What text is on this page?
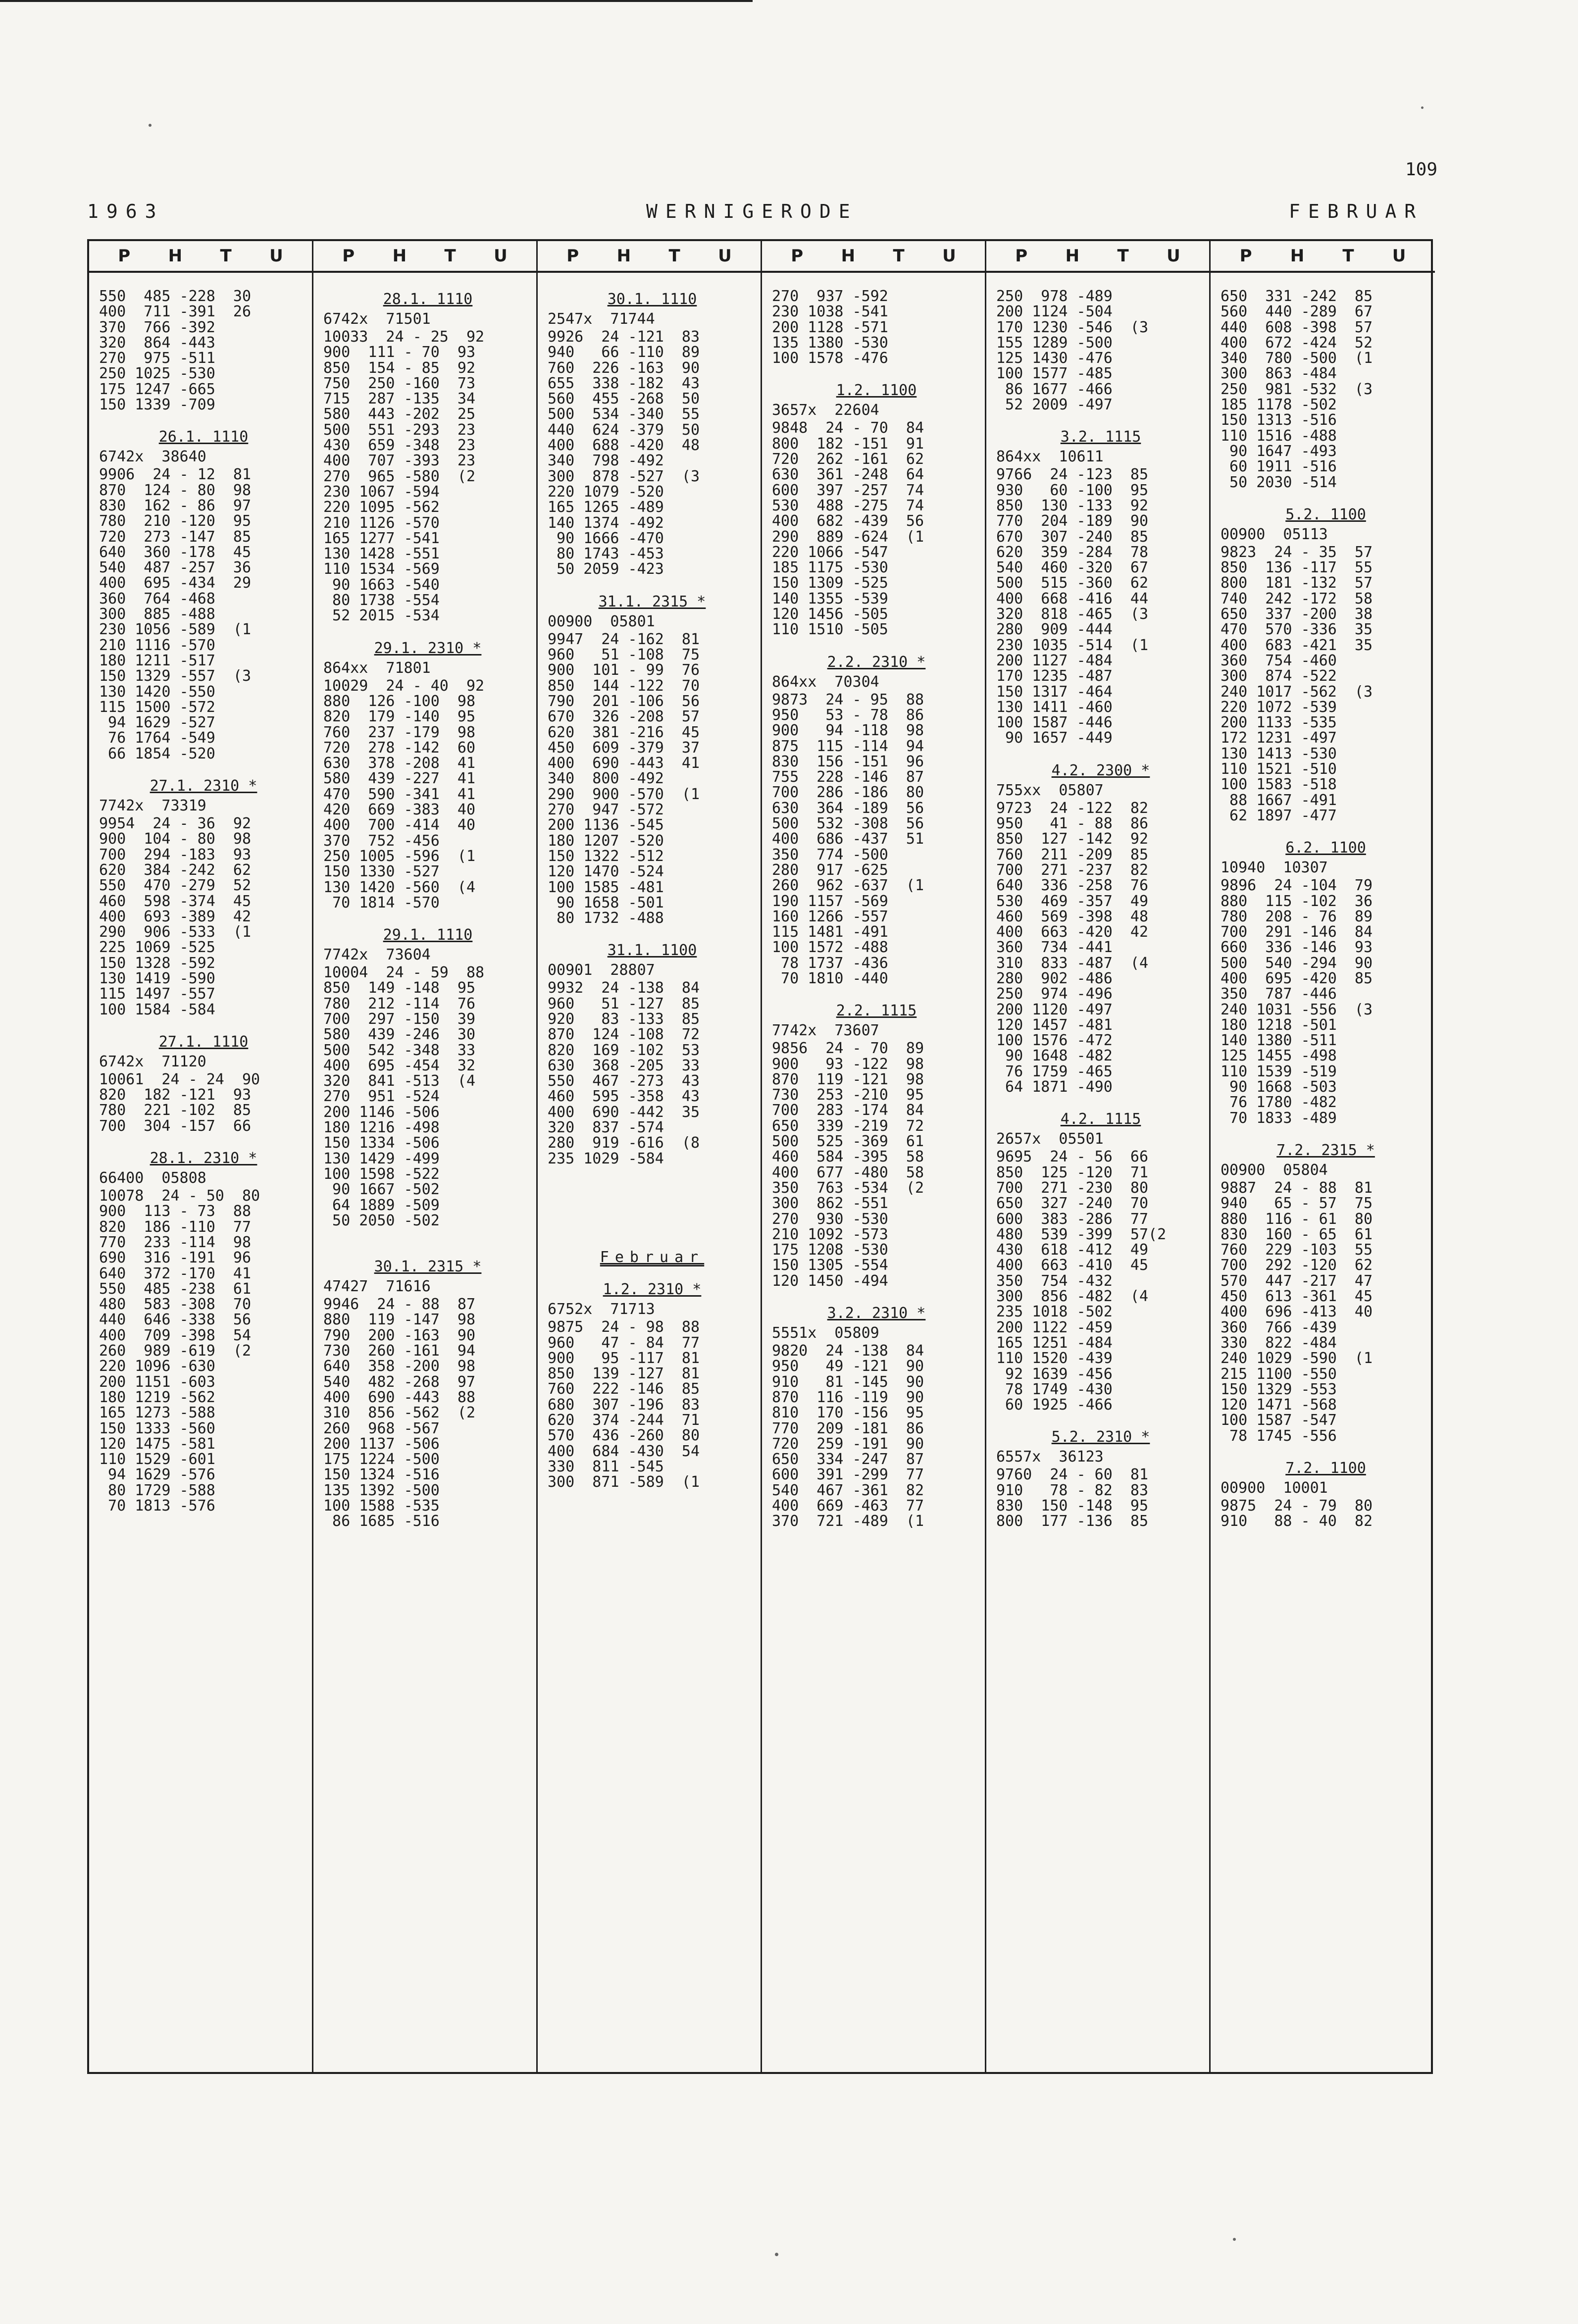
109
1963	WERNIGERODE	FEBRUAR
P H T U
550  485 -228  30
400  711 -391  26
370  766 -392
320  864 -443
270  975 -511
250 1025 -530
175 1247 -665
150 1339 -709
26.1. 1110
6742x  38640
9906  24 - 12  81
870  124 - 80  98
830  162 - 86  97
780  210 -120  95
720  273 -147  85
640  360 -178  45
540  487 -257  36
400  695 -434  29
360  764 -468
300  885 -488
230 1056 -589  (1
210 1116 -570
180 1211 -517
150 1329 -557  (3
130 1420 -550
115 1500 -572
94 1629 -527
76 1764 -549
66 1854 -520
27.1. 2310 *
7742x  73319
9954  24 - 36  92
900  104 - 80  98
700  294 -183  93
620  384 -242  62
550  470 -279  52
460  598 -374  45
400  693 -389  42
290  906 -533  (1
225 1069 -525
150 1328 -592
130 1419 -590
115 1497 -557
100 1584 -584
27.1. 1110
6742x  71120
10061  24 - 24  90
820  182 -121  93
780  221 -102  85
700  304 -157  66
28.1. 2310 *
66400  05808
10078  24 - 50  80
900  113 - 73  88
820  186 -110  77
770  233 -114  98
690  316 -191  96
640  372 -170  41
550  485 -238  61
480  583 -308  70
440  646 -338  56
400  709 -398  54
260  989 -619  (2
220 1096 -630
200 1151 -603
180 1219 -562
165 1273 -588
150 1333 -560
120 1475 -581
110 1529 -601
94 1629 -576
80 1729 -588
70 1813 -576
P H T U
28.1. 1110
6742x  71501
10033  24 - 25  92
900  111 - 70  93
850  154 - 85  92
750  250 -160  73
715  287 -135  34
580  443 -202  25
500  551 -293  23
430  659 -348  23
400  707 -393  23
270  965 -580  (2
230 1067 -594
220 1095 -562
210 1126 -570
165 1277 -541
130 1428 -551
110 1534 -569
90 1663 -540
80 1738 -554
52 2015 -534
29.1. 2310 *
864xx  71801
10029  24 - 40  92
880  126 -100  98
820  179 -140  95
760  237 -179  98
720  278 -142  60
630  378 -208  41
580  439 -227  41
470  590 -341  41
420  669 -383  40
400  700 -414  40
370  752 -456
250 1005 -596  (1
150 1330 -527
130 1420 -560  (4
70 1814 -570
29.1. 1110
7742x  73604
10004  24 - 59  88
850  149 -148  95
780  212 -114  76
700  297 -150  39
580  439 -246  30
500  542 -348  33
400  695 -454  32
320  841 -513  (4
270  951 -524
200 1146 -506
180 1216 -498
150 1334 -506
130 1429 -499
100 1598 -522
90 1667 -502
64 1889 -509
50 2050 -502
30.1. 2315 *
47427  71616
9946  24 - 88  87
880  119 -147  98
790  200 -163  90
730  260 -161  94
640  358 -200  98
540  482 -268  97
400  690 -443  88
310  856 -562  (2
260  968 -567
200 1137 -506
175 1224 -500
150 1324 -516
135 1392 -500
100 1588 -535
86 1685 -516
P H T U
30.1. 1110
2547x  71744
9926  24 -121  83
940   66 -110  89
760  226 -163  90
655  338 -182  43
560  455 -268  50
500  534 -340  55
440  624 -379  50
400  688 -420  48
340  798 -492
300  878 -527  (3
220 1079 -520
165 1265 -489
140 1374 -492
90 1666 -470
80 1743 -453
50 2059 -423
31.1. 2315 *
00900  05801
9947  24 -162  81
960   51 -108  75
900  101 - 99  76
850  144 -122  70
790  201 -106  56
670  326 -208  57
620  381 -216  45
450  609 -379  37
400  690 -443  41
340  800 -492
290  900 -570  (1
270  947 -572
200 1136 -545
180 1207 -520
150 1322 -512
120 1470 -524
100 1585 -481
90 1658 -501
80 1732 -488
31.1. 1100
00901  28807
9932  24 -138  84
960   51 -127  85
920   83 -133  85
870  124 -108  72
820  169 -102  53
630  368 -205  33
550  467 -273  43
460  595 -358  43
400  690 -442  35
320  837 -574
280  919 -616  (8
235 1029 -584
Februar
1.2. 2310 *
6752x  71713
9875  24 - 98  88
960   47 - 84  77
900   95 -117  81
850  139 -127  81
760  222 -146  85
680  307 -196  83
620  374 -244  71
570  436 -260  80
400  684 -430  54
330  811 -545
300  871 -589  (1
P H T U
270  937 -592
230 1038 -541
200 1128 -571
135 1380 -530
100 1578 -476
1.2. 1100
3657x  22604
9848  24 - 70  84
800  182 -151  91
720  262 -161  62
630  361 -248  64
600  397 -257  74
530  488 -275  74
400  682 -439  56
290  889 -624  (1
220 1066 -547
185 1175 -530
150 1309 -525
140 1355 -539
120 1456 -505
110 1510 -505
2.2. 2310 *
864xx  70304
9873  24 - 95  88
950   53 - 78  86
900   94 -118  98
875  115 -114  94
830  156 -151  96
755  228 -146  87
700  286 -186  80
630  364 -189  56
500  532 -308  56
400  686 -437  51
350  774 -500
280  917 -625
260  962 -637  (1
190 1157 -569
160 1266 -557
115 1481 -491
100 1572 -488
78 1737 -436
70 1810 -440
2.2. 1115
7742x  73607
9856  24 - 70  89
900   93 -122  98
870  119 -121  98
730  253 -210  95
700  283 -174  84
650  339 -219  72
500  525 -369  61
460  584 -395  58
400  677 -480  58
350  763 -534  (2
300  862 -551
270  930 -530
210 1092 -573
175 1208 -530
150 1305 -554
120 1450 -494
3.2. 2310 *
5551x  05809
9820  24 -138  84
950   49 -121  90
910   81 -145  90
870  116 -119  90
810  170 -156  95
770  209 -181  86
720  259 -191  90
650  334 -247  87
600  391 -299  77
540  467 -361  82
400  669 -463  77
370  721 -489  (1
P H T U
250  978 -489
200 1124 -504
170 1230 -546  (3
155 1289 -500
125 1430 -476
100 1577 -485
86 1677 -466
52 2009 -497
3.2. 1115
864xx  10611
9766  24 -123  85
930   60 -100  95
850  130 -133  92
770  204 -189  90
670  307 -240  85
620  359 -284  78
540  460 -320  67
500  515 -360  62
400  668 -416  44
320  818 -465  (3
280  909 -444
230 1035 -514  (1
200 1127 -484
170 1235 -487
150 1317 -464
130 1411 -460
100 1587 -446
90 1657 -449
4.2. 2300 *
755xx  05807
9723  24 -122  82
950   41 - 88  86
850  127 -142  92
760  211 -209  85
700  271 -237  82
640  336 -258  76
530  469 -357  49
460  569 -398  48
400  663 -420  42
360  734 -441
310  833 -487  (4
280  902 -486
250  974 -496
200 1120 -497
120 1457 -481
100 1576 -472
90 1648 -482
76 1759 -465
64 1871 -490
4.2. 1115
2657x  05501
9695  24 - 56  66
850  125 -120  71
700  271 -230  80
650  327 -240  70
600  383 -286  77
480  539 -399  57(2
430  618 -412  49
400  663 -410  45
350  754 -432
300  856 -482  (4
235 1018 -502
200 1122 -459
165 1251 -484
110 1520 -439
92 1639 -456
78 1749 -430
60 1925 -466
5.2. 2310 *
6557x  36123
9760  24 - 60  81
910   78 - 82  83
830  150 -148  95
800  177 -136  85
P H T U
650  331 -242  85
560  440 -289  67
440  608 -398  57
400  672 -424  52
340  780 -500  (1
300  863 -484
250  981 -532  (3
185 1178 -502
150 1313 -516
110 1516 -488
90 1647 -493
60 1911 -516
50 2030 -514
5.2. 1100
00900  05113
9823  24 - 35  57
850  136 -117  55
800  181 -132  57
740  242 -172  58
650  337 -200  38
470  570 -336  35
400  683 -421  35
360  754 -460
300  874 -522
240 1017 -562  (3
220 1072 -539
200 1133 -535
172 1231 -497
130 1413 -530
110 1521 -510
100 1583 -518
88 1667 -491
62 1897 -477
6.2. 1100
10940  10307
9896  24 -104  79
880  115 -102  36
780  208 - 76  89
700  291 -146  84
660  336 -146  93
500  540 -294  90
400  695 -420  85
350  787 -446
240 1031 -556  (3
180 1218 -501
140 1380 -511
125 1455 -498
110 1539 -519
90 1668 -503
76 1780 -482
70 1833 -489
7.2. 2315 *
00900  05804
9887  24 - 88  81
940   65 - 57  75
880  116 - 61  80
830  160 - 65  61
760  229 -103  55
700  292 -120  62
570  447 -217  47
450  613 -361  45
400  696 -413  40
360  766 -439
330  822 -484
240 1029 -590  (1
215 1100 -550
150 1329 -553
120 1471 -568
100 1587 -547
78 1745 -556
7.2. 1100
00900  10001
9875  24 - 79  80
910   88 - 40  82
